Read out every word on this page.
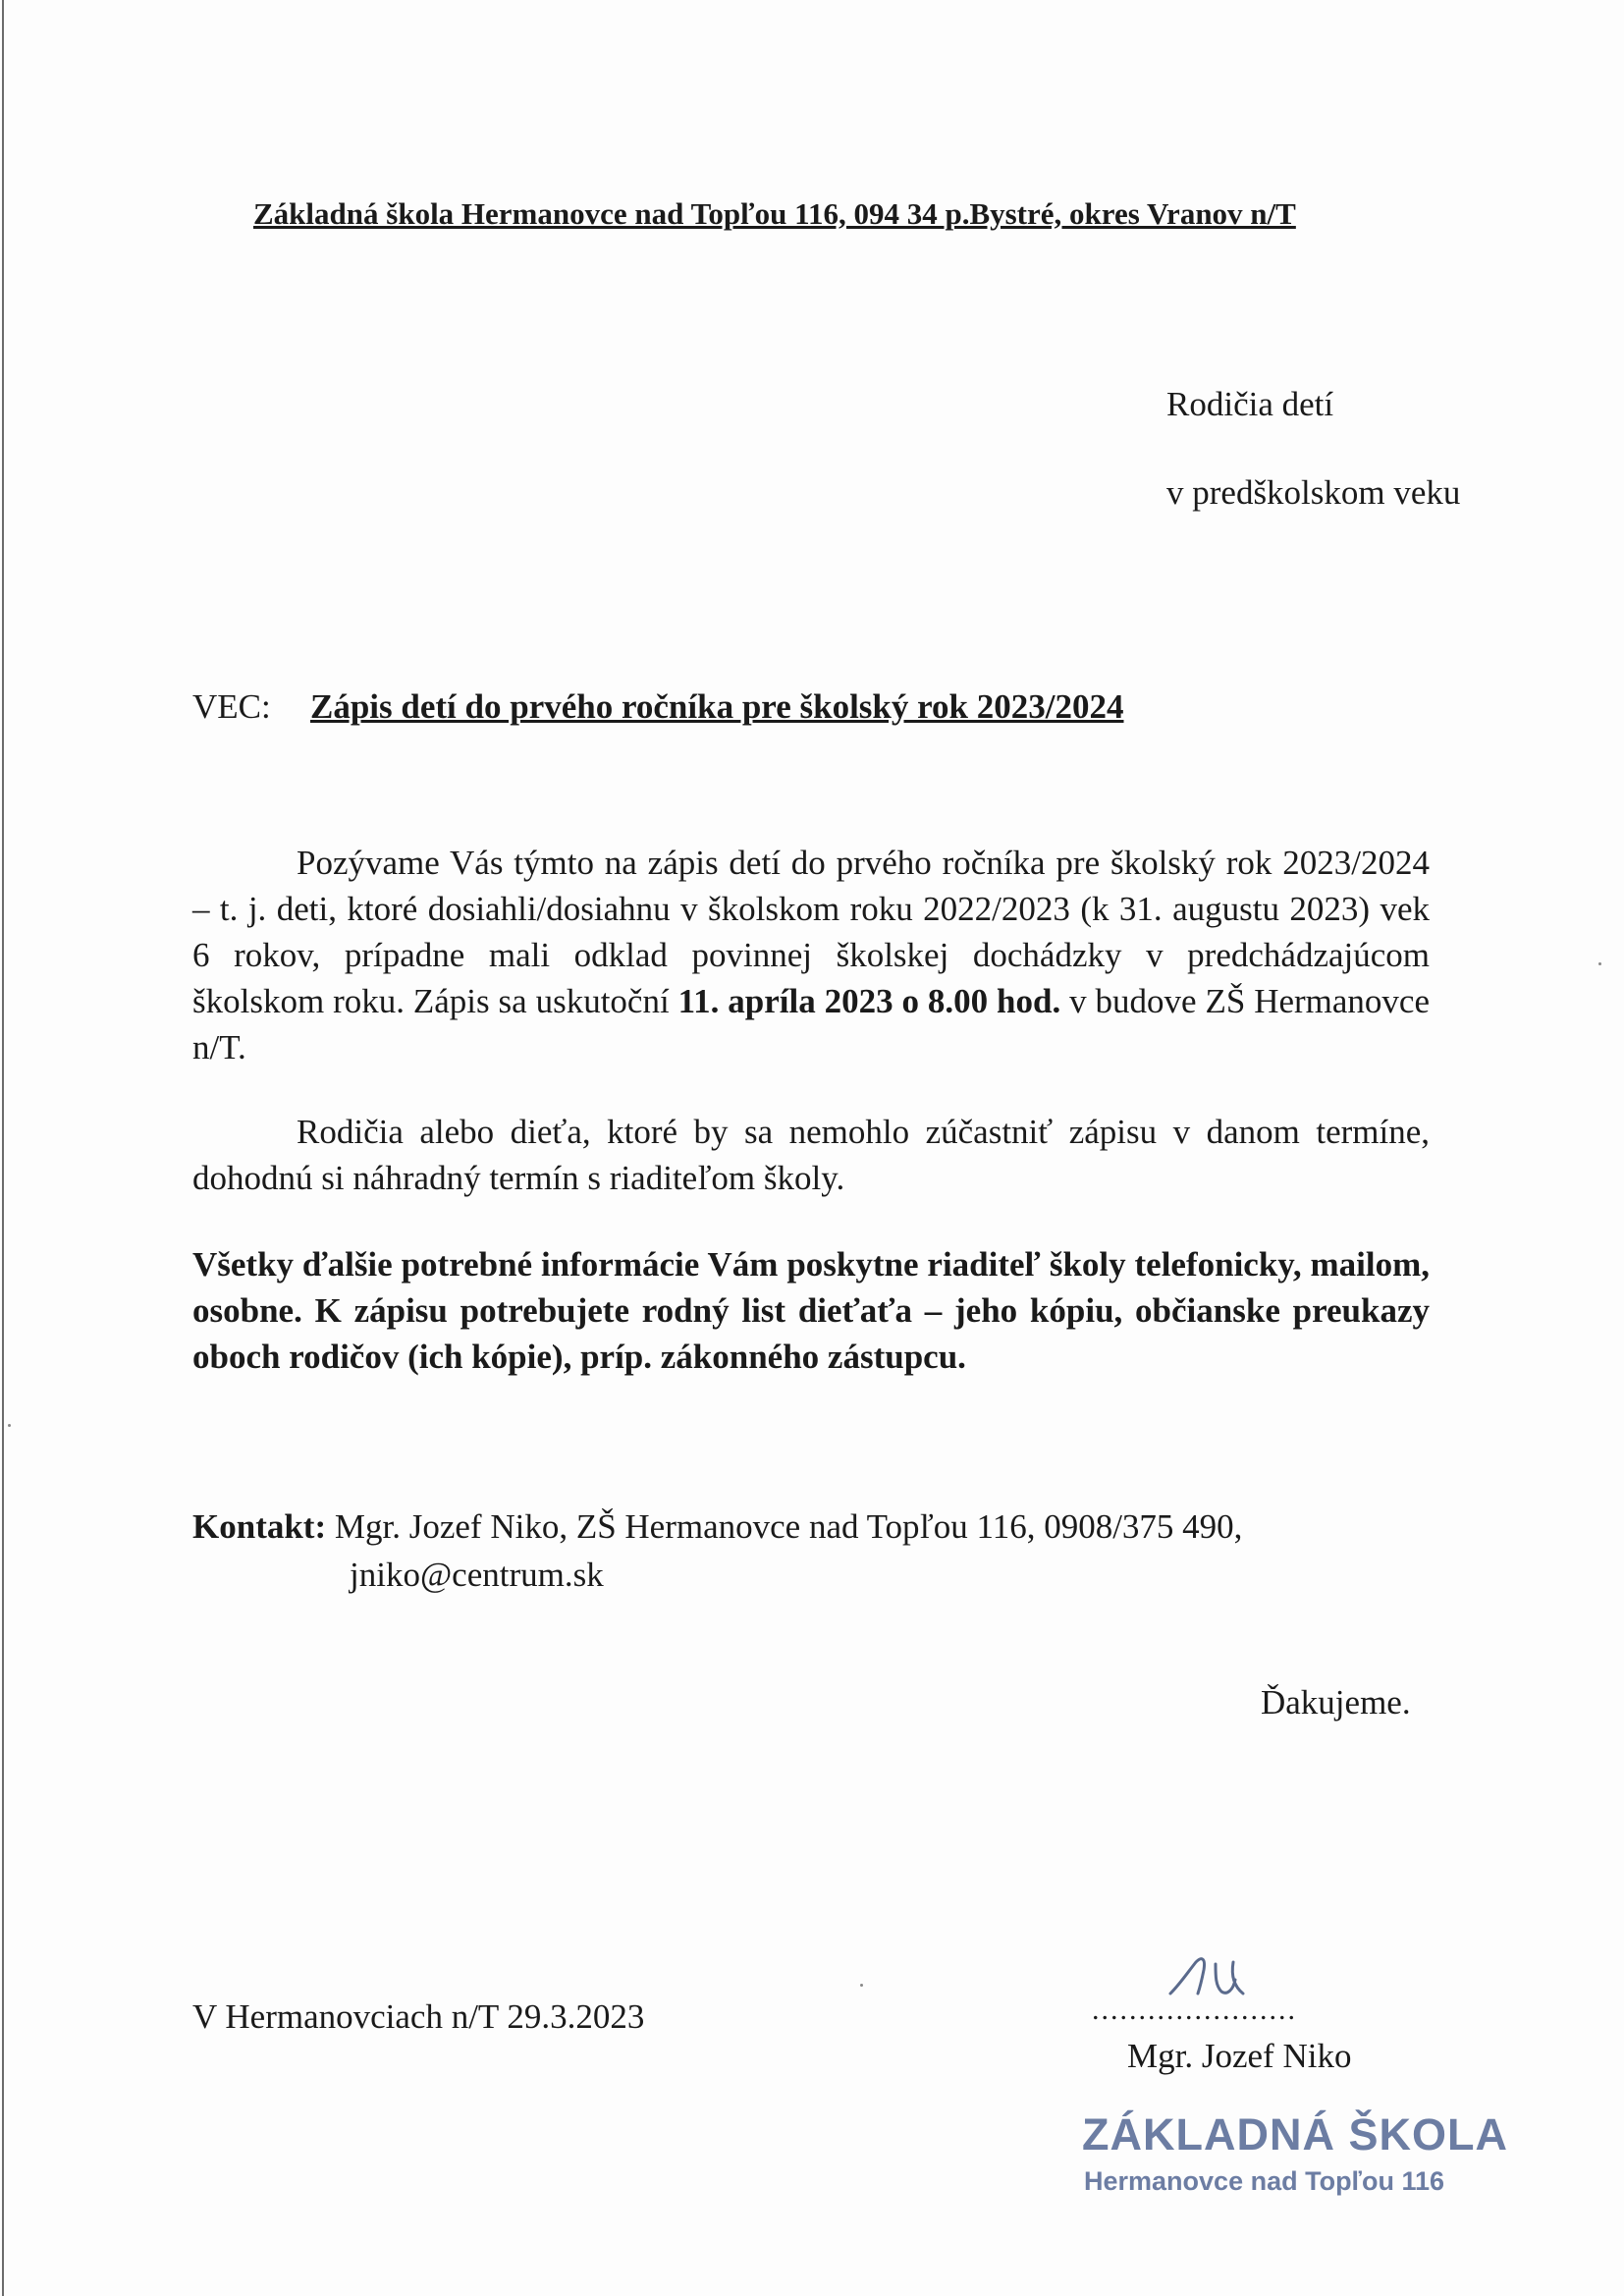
Základná škola Hermanovce nad Topľou 116, 094 34 p.Bystré, okres Vranov n/T
Rodičia detí
v predškolskom veku
VEC: Zápis detí do prvého ročníka pre školský rok 2023/2024
Pozývame Vás týmto na zápis detí do prvého ročníka pre školský rok 2023/2024 – t. j. deti, ktoré dosiahli/dosiahnu v školskom roku 2022/2023 (k 31. augustu 2023) vek 6 rokov, prípadne mali odklad povinnej školskej dochádzky v predchádzajúcom školskom roku. Zápis sa uskutoční 11. apríla 2023 o 8.00 hod. v budove ZŠ Hermanovce n/T.
Rodičia alebo dieťa, ktoré by sa nemohlo zúčastniť zápisu v danom termíne, dohodnú si náhradný termín s riaditeľom školy.
Všetky ďalšie potrebné informácie Vám poskytne riaditeľ školy telefonicky, mailom, osobne. K zápisu potrebujete rodný list dieťaťa – jeho kópiu, občianske preukazy oboch rodičov (ich kópie), príp. zákonného zástupcu.
Kontakt: Mgr. Jozef Niko, ZŠ Hermanovce nad Topľou 116, 0908/375 490,
jniko@centrum.sk
Ďakujeme.
V Hermanovciach n/T 29.3.2023	......................
Mgr. Jozef Niko
ZÁKLADNÁ ŠKOLA
Hermanovce nad Topľou 116
